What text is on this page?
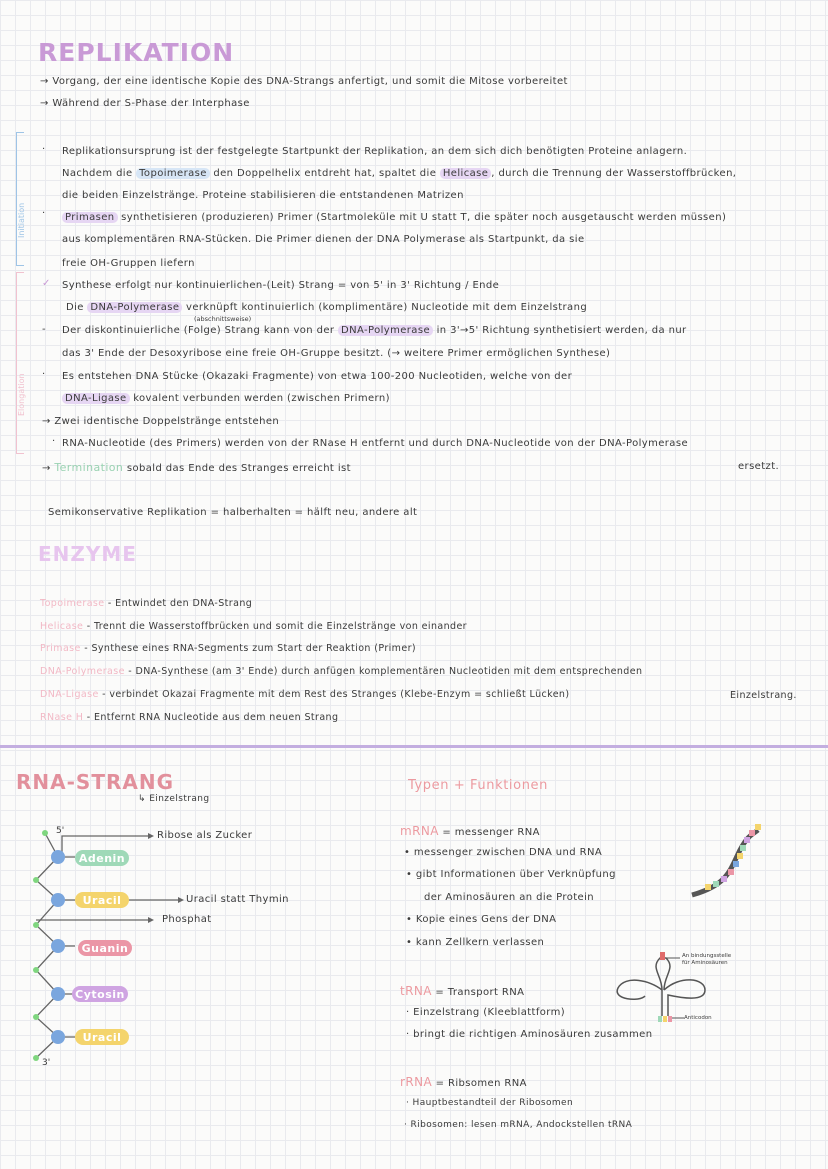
REPLIKATION
→ Vorgang, der eine identische Kopie des DNA-Strangs anfertigt, und somit die Mitose vorbereitet
→ Während der S-Phase der Interphase
Initiation
· Replikationsursprung ist der festgelegte Startpunkt der Replikation, an dem sich dich benötigten Proteine anlagern.
Nachdem die Topoimerase den Doppelhelix entdreht hat, spaltet die Helicase , durch die Trennung der Wasserstoffbrücken,
die beiden Einzelstränge. Proteine stabilisieren die entstandenen Matrizen
·	Primasen synthetisieren (produzieren) Primer (Startmoleküle mit U statt T, die später noch ausgetauscht werden müssen)
aus komplementären RNA-Stücken. Die Primer dienen der DNA Polymerase als Startpunkt, da sie
freie OH-Gruppen liefern
Elongation
✓ Synthese erfolgt nur kontinuierlichen-(Leit) Strang = von 5' in 3' Richtung / Ende
Die DNA-Polymerase verknüpft kontinuierlich (komplimentäre) Nucleotide mit dem Einzelstrang
(abschnittsweise)
- Der diskontinuierliche (Folge) Strang kann von der DNA-Polymerase in 3'→5' Richtung synthetisiert werden, da nur
das 3' Ende der Desoxyribose eine freie OH-Gruppe besitzt. (→ weitere Primer ermöglichen Synthese)
· Es entstehen DNA Stücke (Okazaki Fragmente) von etwa 100-200 Nucleotiden, welche von der
DNA-Ligase kovalent verbunden werden (zwischen Primern)
→ Zwei identische Doppelstränge entstehen
· RNA-Nucleotide (des Primers) werden von der RNase H entfernt und durch DNA-Nucleotide von der DNA-Polymerase
→ Termination sobald das Ende des Stranges erreicht ist	ersetzt.
Semikonservative Replikation = halberhalten = hälft neu, andere alt
ENZYME
Topoimerase - Entwindet den DNA-Strang
Helicase - Trennt die Wasserstoffbrücken und somit die Einzelstränge von einander
Primase - Synthese eines RNA-Segments zum Start der Reaktion (Primer)
DNA-Polymerase - DNA-Synthese (am 3' Ende) durch anfügen komplementären Nucleotiden mit dem entsprechenden
DNA-Ligase - verbindet Okazai Fragmente mit dem Rest des Stranges (Klebe-Enzym = schließt Lücken)	Einzelstrang.
RNase H - Entfernt RNA Nucleotide aus dem neuen Strang
RNA-STRANG
↳ Einzelstrang
5'
3'
Ribose als Zucker
Uracil statt Thymin
Phosphat
Adenin
Uracil
Guanin
Cytosin
Uracil
Typen + Funktionen
mRNA = messenger RNA
• messenger zwischen DNA und RNA
• gibt Informationen über Verknüpfung
der Aminosäuren an die Protein
• Kopie eines Gens der DNA
• kann Zellkern verlassen
An bindungsstelle für Aminosäuren
Anticodon
tRNA = Transport RNA
· Einzelstrang (Kleeblattform)
· bringt die richtigen Aminosäuren zusammen
rRNA = Ribsomen RNA
· Hauptbestandteil der Ribosomen
· Ribosomen: lesen mRNA, Andockstellen tRNA
